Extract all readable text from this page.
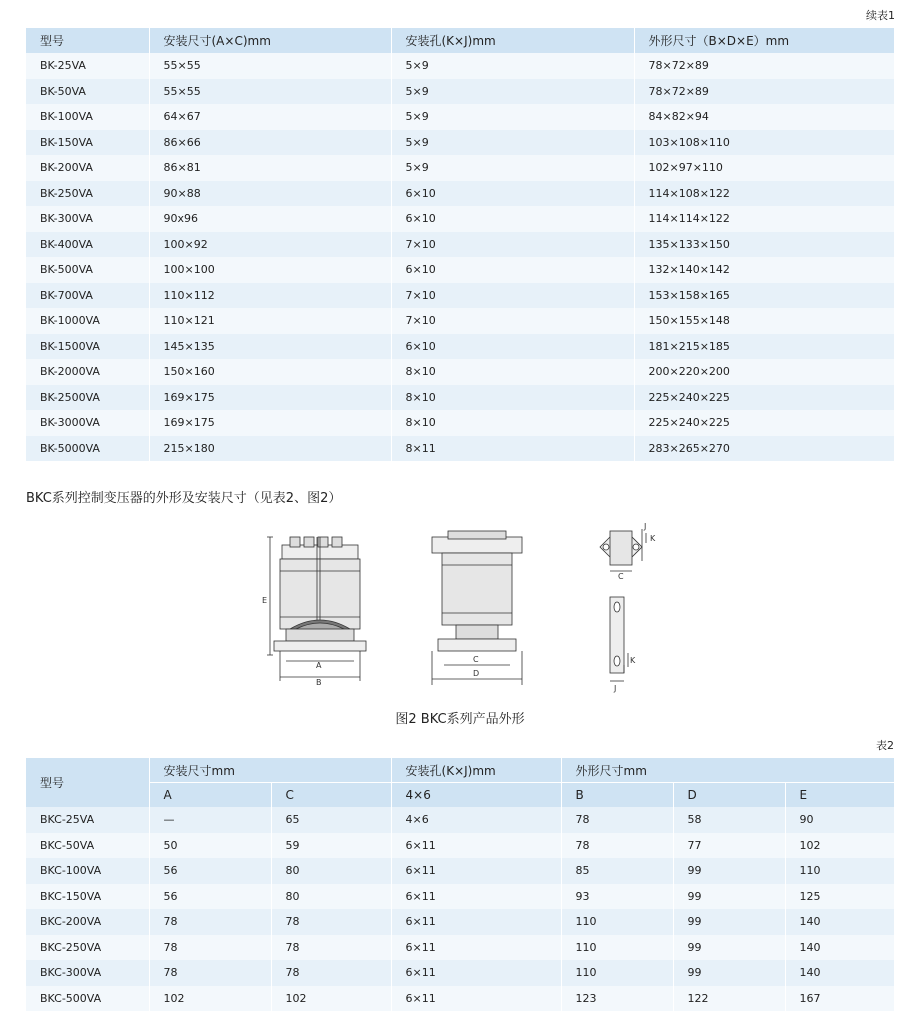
续表1
型号	安装尺寸(A×C)mm	安装孔(K×J)mm	外形尺寸（B×D×E）mm
BK-25VA	55×55	5×9	78×72×89
BK-50VA	55×55	5×9	78×72×89
BK-100VA	64×67	5×9	84×82×94
BK-150VA	86×66	5×9	103×108×110
BK-200VA	86×81	5×9	102×97×110
BK-250VA	90×88	6×10	114×108×122
BK-300VA	90x96	6×10	114×114×122
BK-400VA	100×92	7×10	135×133×150
BK-500VA	100×100	6×10	132×140×142
BK-700VA	110×112	7×10	153×158×165
BK-1000VA	110×121	7×10	150×155×148
BK-1500VA	145×135	6×10	181×215×185
BK-2000VA	150×160	8×10	200×220×200
BK-2500VA	169×175	8×10	225×240×225
BK-3000VA	169×175	8×10	225×240×225
BK-5000VA	215×180	8×11	283×265×270
BKC系列控制变压器的外形及安装尺寸（见表2、图2）
E
A
B
C
D
J
K
C
K
J
图2 BKC系列产品外形
表2
型号	安装尺寸mm		安装孔(K×J)mm	外形尺寸mm		
	A	C	4×6	B	D	E
BKC-25VA	—	65	4×6	78	58	90
BKC-50VA	50	59	6×11	78	77	102
BKC-100VA	56	80	6×11	85	99	110
BKC-150VA	56	80	6×11	93	99	125
BKC-200VA	78	78	6×11	110	99	140
BKC-250VA	78	78	6×11	110	99	140
BKC-300VA	78	78	6×11	110	99	140
BKC-500VA	102	102	6×11	123	122	167
